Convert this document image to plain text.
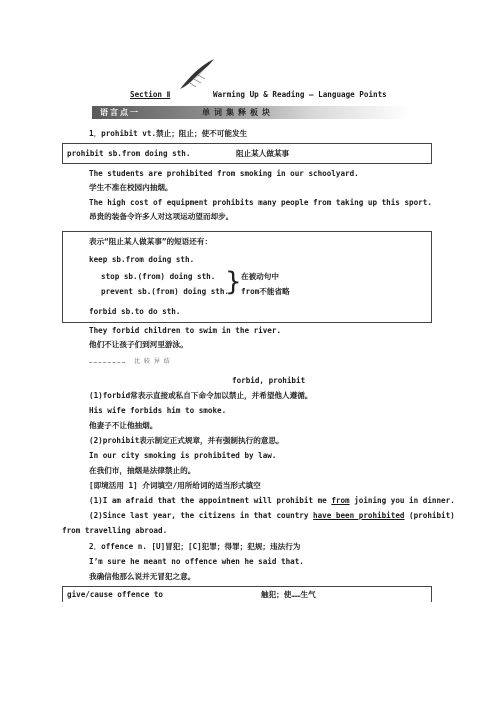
Section_Ⅱ	Warming Up & Reading — Language Points
语言点一	单词集释板块
1．prohibit vt.禁止；阻止；使不可能发生
prohibit sb.from doing sth.	阻止某人做某事
The students are prohibited from smoking in our schoolyard.
学生不准在校园内抽烟。
The high cost of equipment prohibits many people from taking up this sport.
昂贵的装备令许多人对这项运动望而却步。
表示“阻止某人做某事”的短语还有：
keep sb.from doing sth.
stop sb.(from) doing sth.
prevent sb.(from) doing sth.
} 在被动句中
from不能省略
forbid sb.to do sth.
They forbid children to swim in the river.
他们不让孩子们到河里游泳。
比 较 异 结
forbid, prohibit
(1)forbid常表示直接或私自下命令加以禁止，并希望他人遵循。
His wife forbids him to smoke.
他妻子不让他抽烟。
(2)prohibit表示制定正式规章，并有强制执行的意思。
In our city smoking is prohibited by law.
在我们市，抽烟是法律禁止的。
[即境活用 1] 介词填空/用所给词的适当形式填空
(1)I am afraid that the appointment will prohibit me from joining you in dinner.
(2)Since last year, the citizens in that country have been prohibited (prohibit)
from travelling abroad.
2．offence n. [U]冒犯；[C]犯罪；得罪；犯规；违法行为
I’m sure he meant no offence when he said that.
我确信他那么说并无冒犯之意。
give/cause offence to	触犯；使……生气
